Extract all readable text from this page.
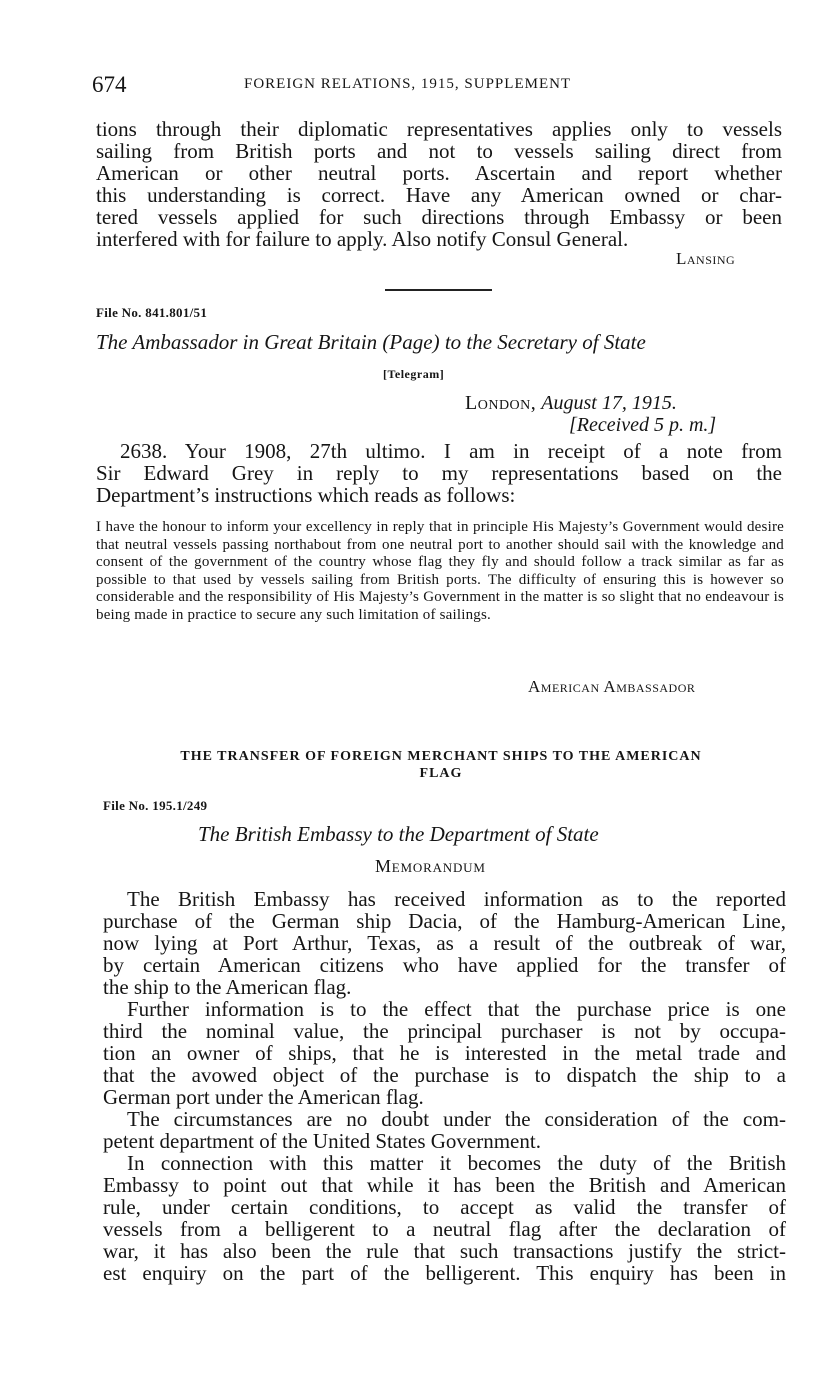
674	FOREIGN RELATIONS, 1915, SUPPLEMENT
tions through their diplomatic representatives applies only to vessels
sailing from British ports and not to vessels sailing direct from
American or other neutral ports. Ascertain and report whether
this understanding is correct. Have any American owned or char-
tered vessels applied for such directions through Embassy or been
interfered with for failure to apply. Also notify Consul General.
Lansing
File No. 841.801/51
The Ambassador in Great Britain (Page) to the Secretary of State
[Telegram]
London, August 17, 1915.
[Received 5 p. m.]
2638. Your 1908, 27th ultimo. I am in receipt of a note from
Sir Edward Grey in reply to my representations based on the
Department’s instructions which reads as follows:

I have the honour to inform your excellency in reply that in principle His Majesty’s Government would desire that neutral vessels passing northabout from one neutral port to another should sail with the knowledge and consent of the government of the country whose flag they fly and should follow a track similar as far as possible to that used by vessels sailing from British ports. The difficulty of ensuring this is however so considerable and the responsibility of His Majesty’s Government in the matter is so slight that no endeavour is being made in practice to secure any such limitation of sailings.

American Ambassador
THE TRANSFER OF FOREIGN MERCHANT SHIPS TO THE AMERICAN
FLAG
File No. 195.1/249
The British Embassy to the Department of State
Memorandum
The British Embassy has received information as to the reported
purchase of the German ship Dacia, of the Hamburg-American Line,
now lying at Port Arthur, Texas, as a result of the outbreak of war,
by certain American citizens who have applied for the transfer of
the ship to the American flag.
Further information is to the effect that the purchase price is one
third the nominal value, the principal purchaser is not by occupa-
tion an owner of ships, that he is interested in the metal trade and
that the avowed object of the purchase is to dispatch the ship to a
German port under the American flag.
The circumstances are no doubt under the consideration of the com-
petent department of the United States Government.
In connection with this matter it becomes the duty of the British
Embassy to point out that while it has been the British and American
rule, under certain conditions, to accept as valid the transfer of
vessels from a belligerent to a neutral flag after the declaration of
war, it has also been the rule that such transactions justify the strict-
est enquiry on the part of the belligerent. This enquiry has been in
